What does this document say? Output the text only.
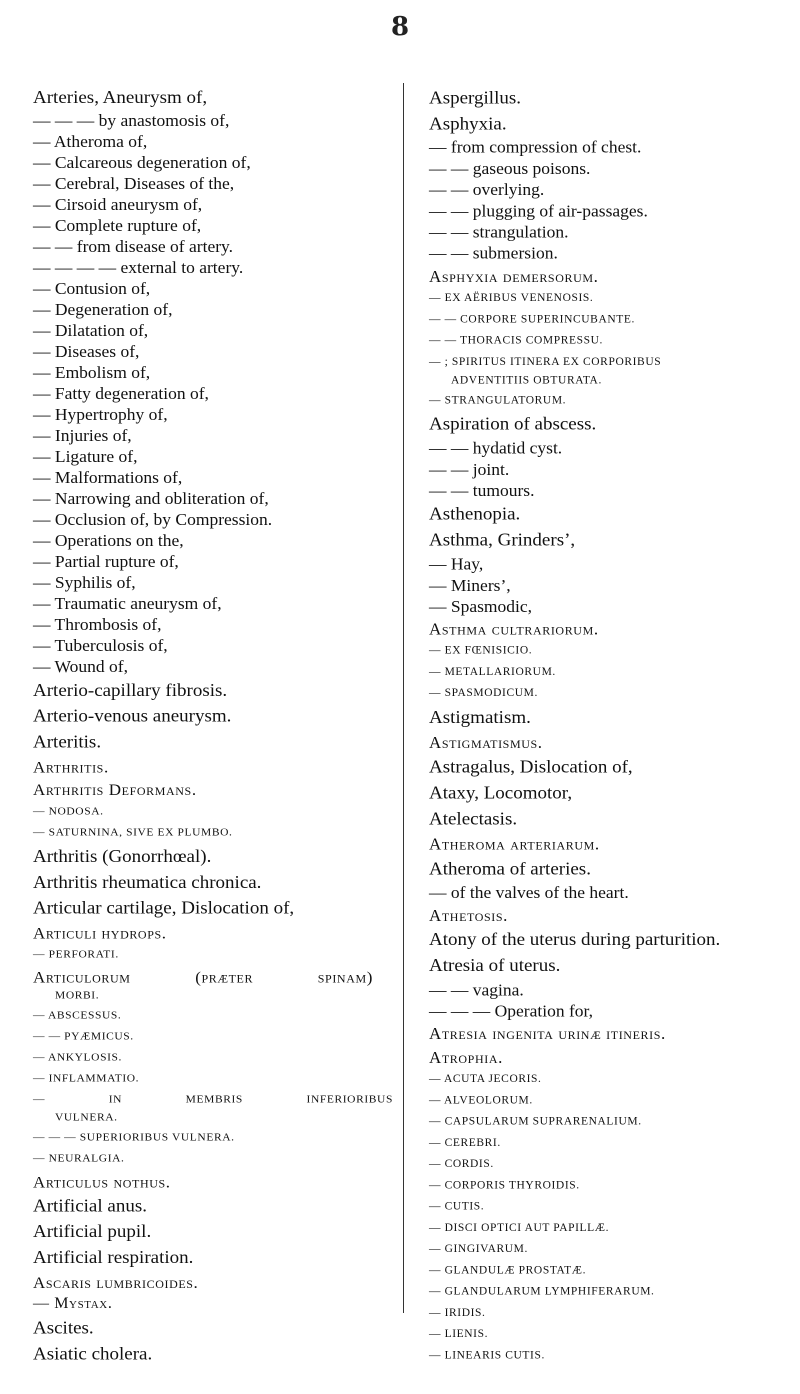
8
Arteries, Aneurysm of,
— — — by anastomosis of,
— Atheroma of,
— Calcareous degeneration of,
— Cerebral, Diseases of the,
— Cirsoid aneurysm of,
— Complete rupture of,
— — from disease of artery.
— — — — external to artery.
— Contusion of,
— Degeneration of,
— Dilatation of,
— Diseases of,
— Embolism of,
— Fatty degeneration of,
— Hypertrophy of,
— Injuries of,
— Ligature of,
— Malformations of,
— Narrowing and obliteration of,
— Occlusion of, by Compression.
— Operations on the,
— Partial rupture of,
— Syphilis of,
— Traumatic aneurysm of,
— Thrombosis of,
— Tuberculosis of,
— Wound of,
Arterio-capillary fibrosis.
Arterio-venous aneurysm.
Arteritis.
Arthritis.
Arthritis Deformans.
— NODOSA.
— SATURNINA, SIVE EX PLUMBO.
Arthritis (Gonorrhœal).
Arthritis rheumatica chronica.
Articular cartilage, Dislocation of,
Articuli hydrops.
— PERFORATI.
Articulorum	(præter	spinam)
MORBI.
— ABSCESSUS.
— — PYÆMICUS.
— ANKYLOSIS.
— INFLAMMATIO.
—	IN	MEMBRIS	INFERIORIBUS
VULNERA.
— — — SUPERIORIBUS VULNERA.
— NEURALGIA.
Articulus nothus.
Artificial anus.
Artificial pupil.
Artificial respiration.
Ascaris lumbricoides.
— Mystax.
Ascites.
Asiatic cholera.
Aspergillus.
Asphyxia.
— from compression of chest.
— — gaseous poisons.
— — overlying.
— — plugging of air-passages.
— — strangulation.
— — submersion.
Asphyxia demersorum.
— EX AËRIBUS VENENOSIS.
— — CORPORE SUPERINCUBANTE.
— — THORACIS COMPRESSU.
— ; SPIRITUS ITINERA EX CORPORIBUS
ADVENTITIIS OBTURATA.
— STRANGULATORUM.
Aspiration of abscess.
— — hydatid cyst.
— — joint.
— — tumours.
Asthenopia.
Asthma, Grinders’,
— Hay,
— Miners’,
— Spasmodic,
Asthma cultrariorum.
— EX FŒNISICIO.
— METALLARIORUM.
— SPASMODICUM.
Astigmatism.
Astigmatismus.
Astragalus, Dislocation of,
Ataxy, Locomotor,
Atelectasis.
Atheroma arteriarum.
Atheroma of arteries.
— of the valves of the heart.
Athetosis.
Atony of the uterus during parturition.
Atresia of uterus.
— — vagina.
— — — Operation for,
Atresia ingenita urinæ itineris.
Atrophia.
— ACUTA JECORIS.
— ALVEOLORUM.
— CAPSULARUM SUPRARENALIUM.
— CEREBRI.
— CORDIS.
— CORPORIS THYROIDIS.
— CUTIS.
— DISCI OPTICI AUT PAPILLÆ.
— GINGIVARUM.
— GLANDULÆ PROSTATÆ.
— GLANDULARUM LYMPHIFERARUM.
— IRIDIS.
— LIENIS.
— LINEARIS CUTIS.
